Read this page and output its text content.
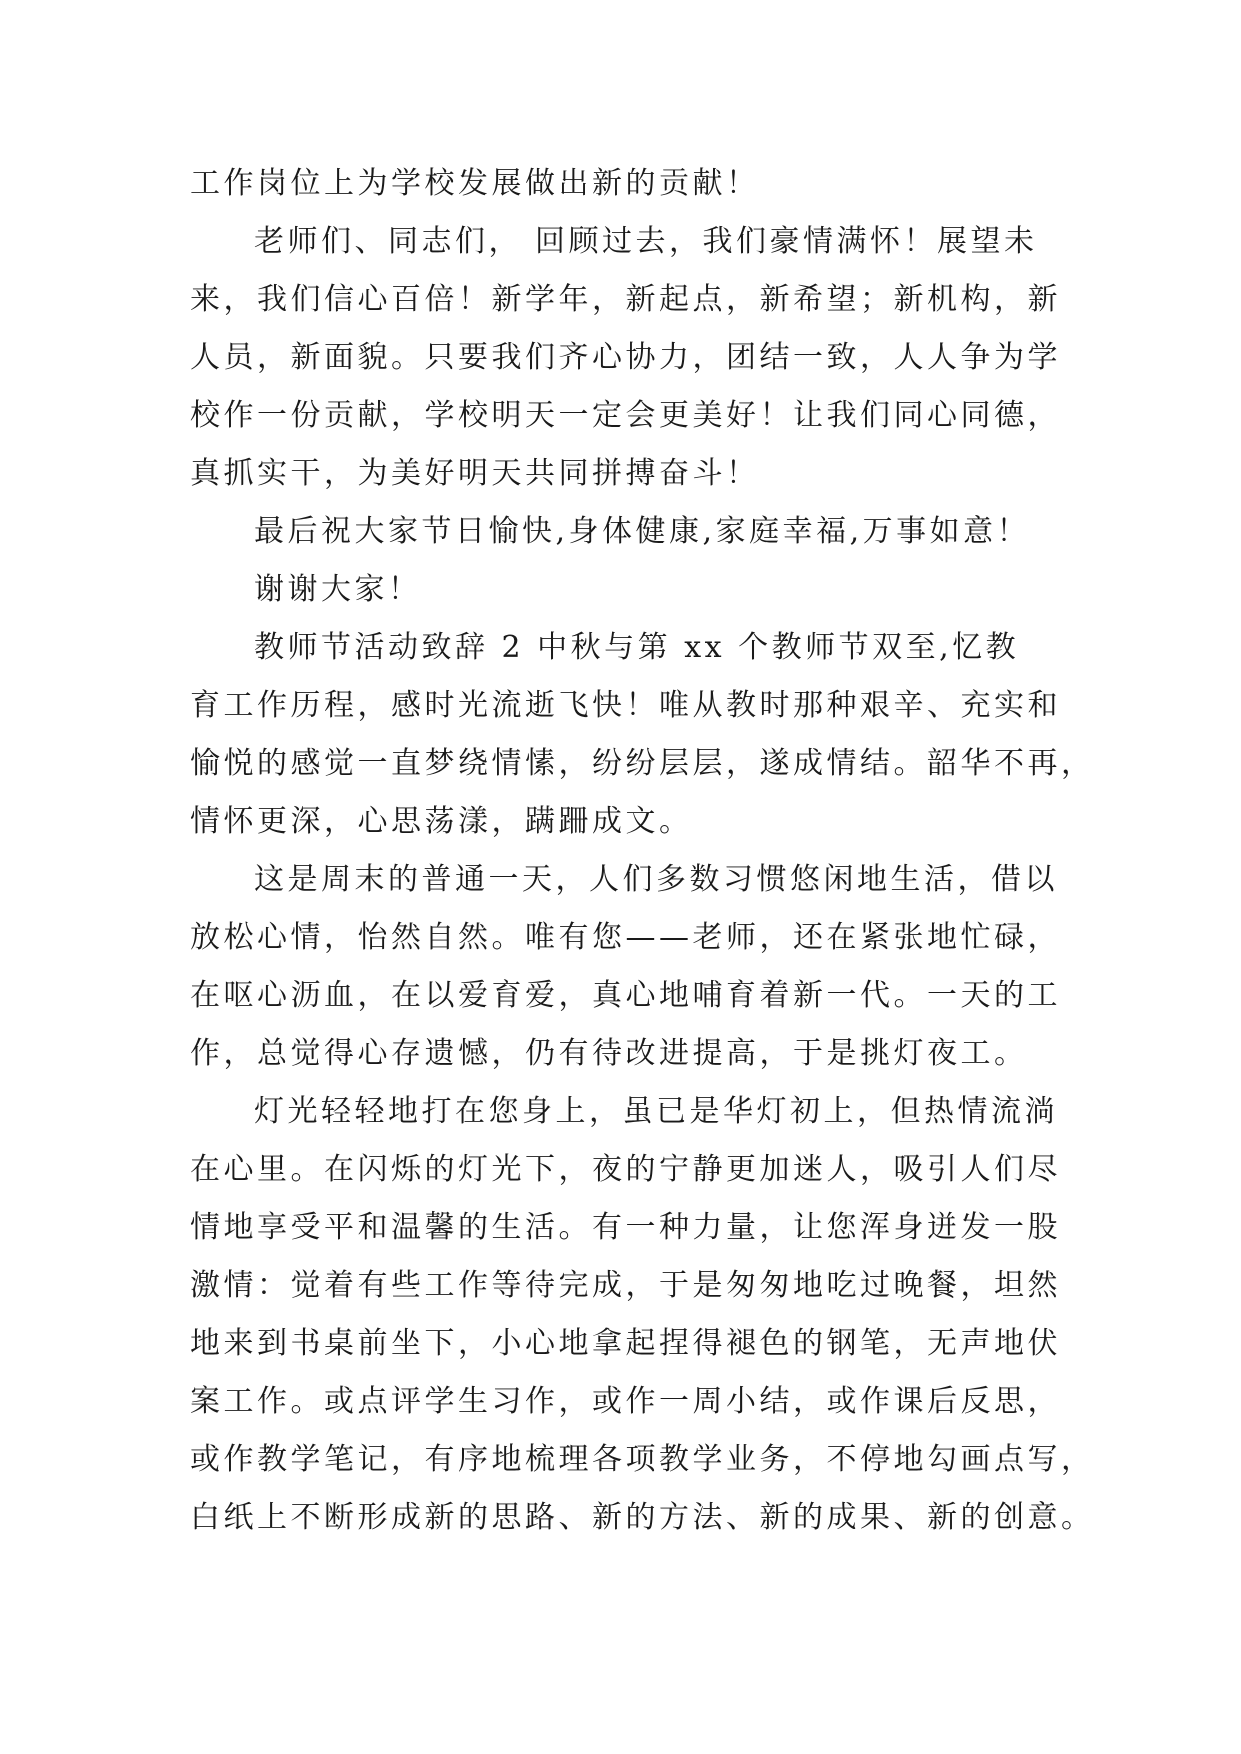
工作岗位上为学校发展做出新的贡献！
老师们、同志们， 回顾过去，我们豪情满怀！展望未
来，我们信心百倍！新学年，新起点，新希望；新机构，新
人员，新面貌。只要我们齐心协力，团结一致，人人争为学
校作一份贡献，学校明天一定会更美好！让我们同心同德，
真抓实干，为美好明天共同拼搏奋斗！
最后祝大家节日愉快,身体健康,家庭幸福,万事如意！
谢谢大家！
教师节活动致辞 2 中秋与第 xx 个教师节双至,忆教
育工作历程，感时光流逝飞快！唯从教时那种艰辛、充实和
愉悦的感觉一直梦绕情愫，纷纷层层，遂成情结。韶华不再，
情怀更深，心思荡漾，蹒跚成文。
这是周末的普通一天，人们多数习惯悠闲地生活，借以
放松心情，怡然自然。唯有您——老师，还在紧张地忙碌，
在呕心沥血，在以爱育爱，真心地哺育着新一代。一天的工
作，总觉得心存遗憾，仍有待改进提高，于是挑灯夜工。
灯光轻轻地打在您身上，虽已是华灯初上，但热情流淌
在心里。在闪烁的灯光下，夜的宁静更加迷人，吸引人们尽
情地享受平和温馨的生活。有一种力量，让您浑身迸发一股
激情：觉着有些工作等待完成，于是匆匆地吃过晚餐，坦然
地来到书桌前坐下，小心地拿起捏得褪色的钢笔，无声地伏
案工作。或点评学生习作，或作一周小结，或作课后反思，
或作教学笔记，有序地梳理各项教学业务，不停地勾画点写，
白纸上不断形成新的思路、新的方法、新的成果、新的创意。
